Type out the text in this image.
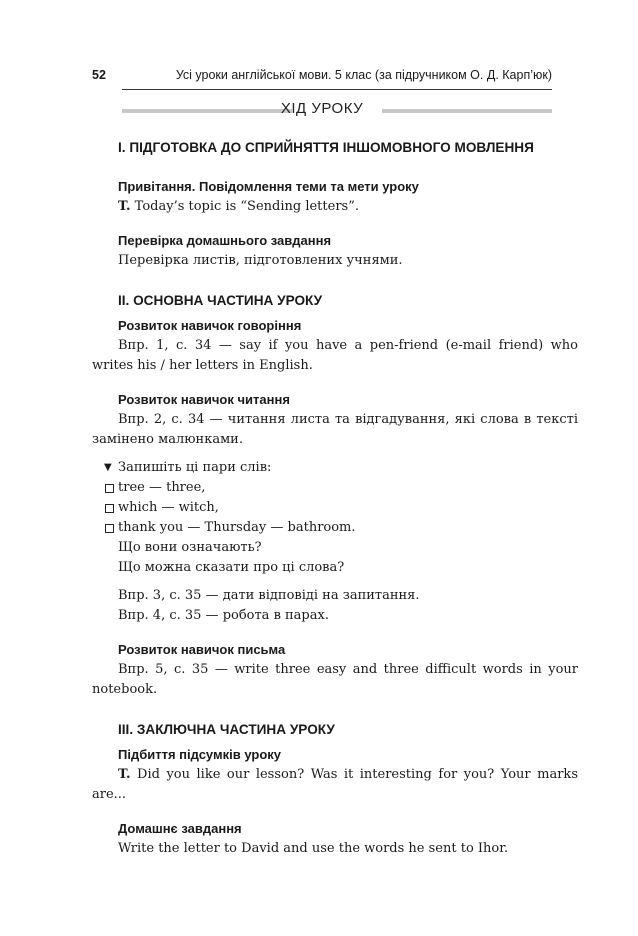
52	Усі уроки англійської мови. 5 клас (за підручником О. Д. Карп’юк)
ХІД УРОКУ

I. ПІДГОТОВКА ДО СПРИЙНЯТТЯ ІНШОМОВНОГО МОВЛЕННЯ

Привітання. Повідомлення теми та мети уроку

T. Today’s topic is “Sending letters”.

Перевірка домашнього завдання

Перевірка листів, підготовлених учнями.

II. ОСНОВНА ЧАСТИНА УРОКУ

Розвиток навичок говоріння

Впр. 1, с. 34 — say if you have a pen-friend (e-mail friend) who writes his / her letters in English.

Розвиток навичок читання

Впр. 2, с. 34 — читання листа та відгадування, які слова в тексті замінено малюнками.

▼ Запишіть ці пари слів:

tree — three,

which — witch,

thank you — Thursday — bathroom.

Що вони означають?

Що можна сказати про ці слова?

Впр. 3, с. 35 — дати відповіді на запитання.

Впр. 4, с. 35 — робота в парах.

Розвиток навичок письма

Впр. 5, с. 35 — write three easy and three difficult words in your notebook.

III. ЗАКЛЮЧНА ЧАСТИНА УРОКУ

Підбиття підсумків уроку

T. Did you like our lesson? Was it interesting for you? Your marks are...

Домашнє завдання

Write the letter to David and use the words he sent to Ihor.
